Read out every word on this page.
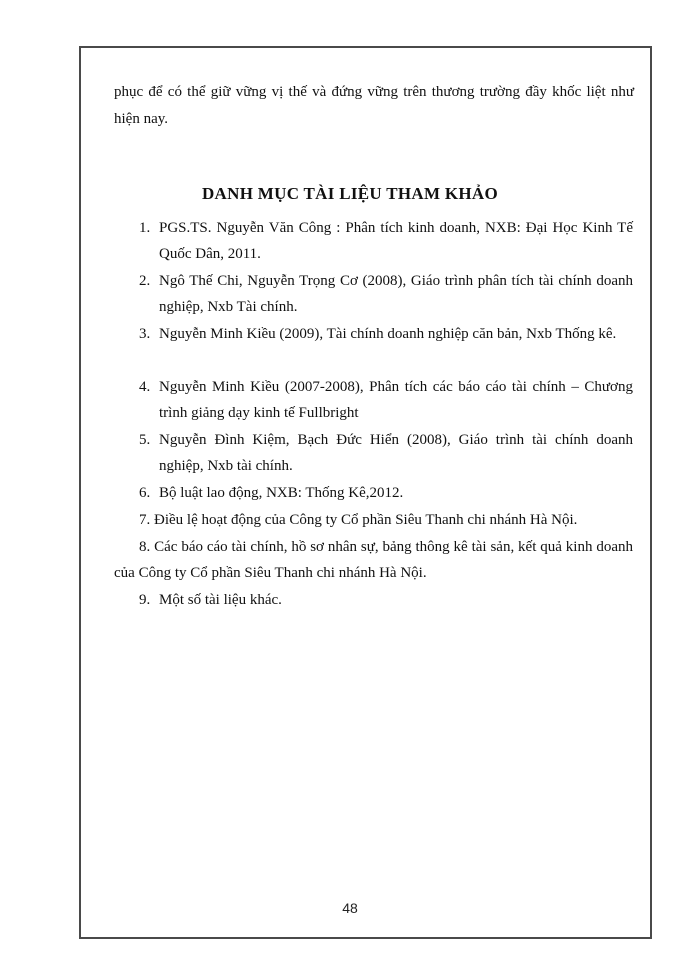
phục để có thể giữ vững vị thế và đứng vững trên thương trường đầy khốc liệt như hiện nay.
DANH MỤC TÀI LIỆU THAM KHẢO
1. PGS.TS. Nguyễn Văn Công : Phân tích kinh doanh, NXB: Đại Học Kinh Tế Quốc Dân, 2011.
2. Ngô Thế Chi, Nguyễn Trọng Cơ (2008), Giáo trình phân tích tài chính doanh nghiệp, Nxb Tài chính.
3. Nguyễn Minh Kiều (2009), Tài chính doanh nghiệp căn bản, Nxb Thống kê.
4. Nguyễn Minh Kiều (2007-2008), Phân tích các báo cáo tài chính – Chương trình giảng dạy kinh tế Fullbright
5. Nguyễn Đình Kiệm, Bạch Đức Hiển (2008), Giáo trình tài chính doanh nghiệp, Nxb tài chính.
6. Bộ luật lao động, NXB: Thống Kê,2012.
7. Điều lệ hoạt động của Công ty Cổ phần Siêu Thanh chi nhánh Hà Nội.
8. Các báo cáo tài chính, hồ sơ nhân sự, bảng thông kê tài sản, kết quả kinh doanh của Công ty Cổ phần Siêu Thanh chi nhánh Hà Nội.
9. Một số tài liệu khác.
48
